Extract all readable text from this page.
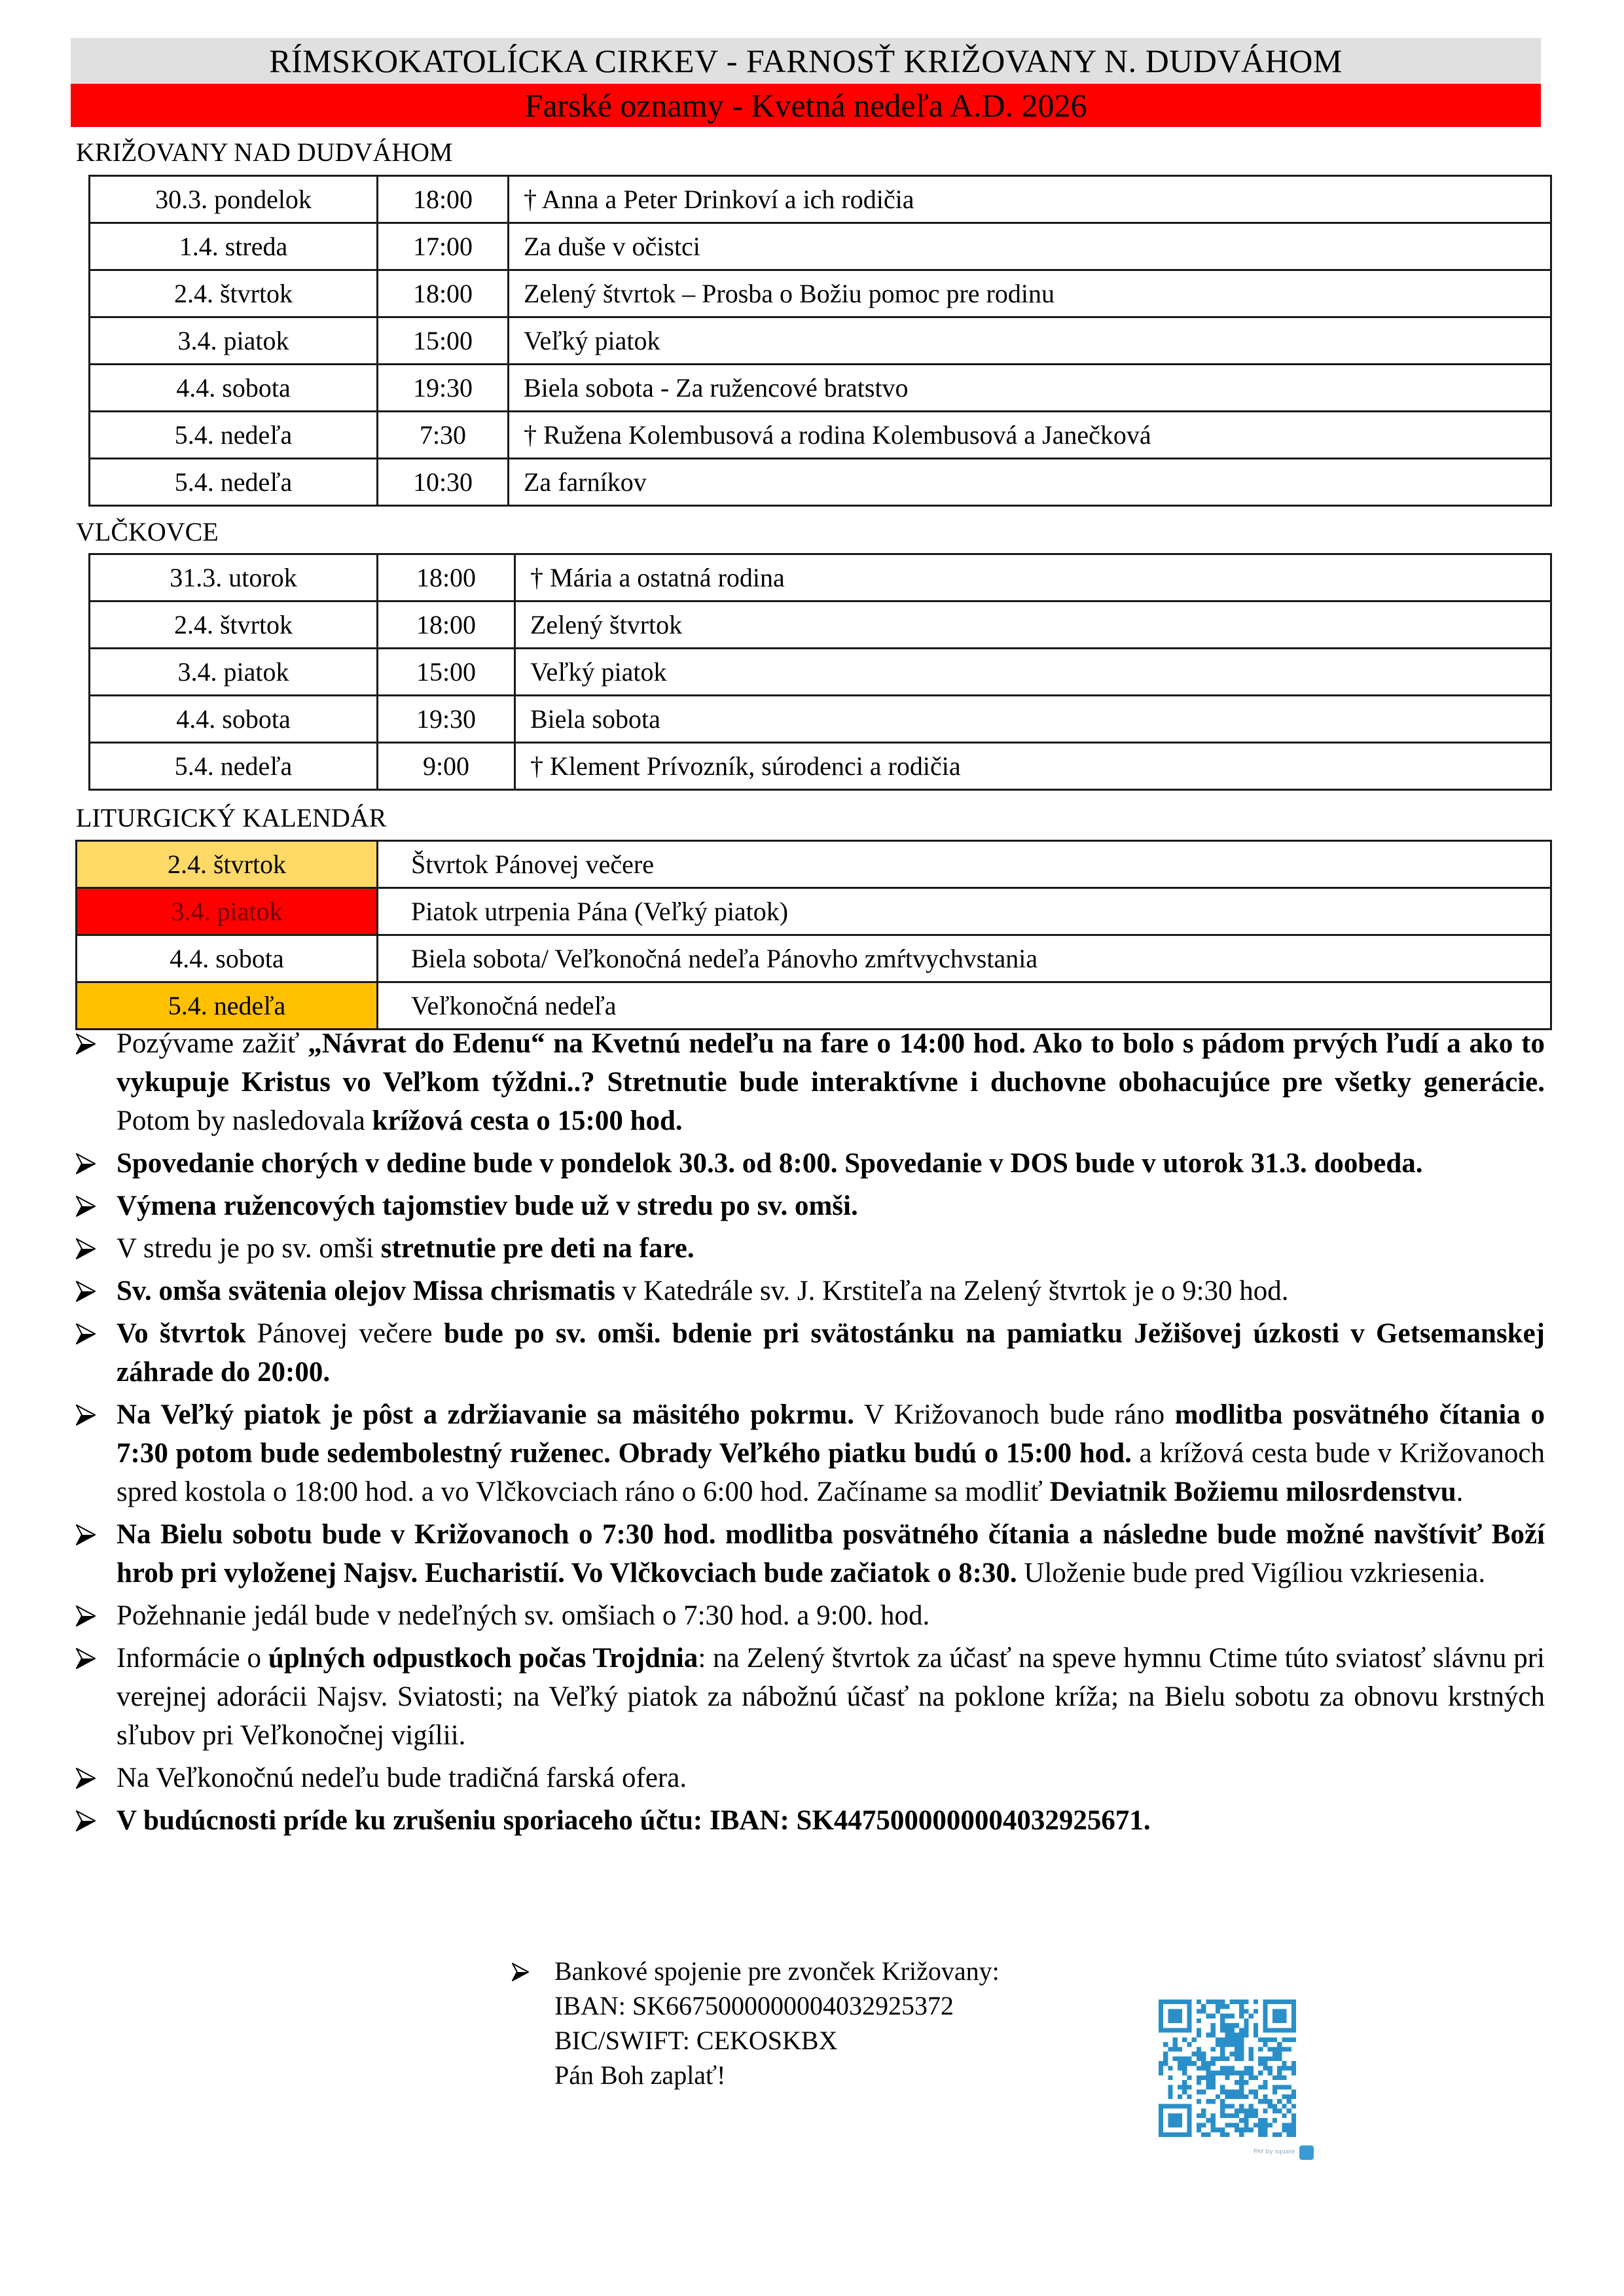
RÍMSKOKATOLÍCKA CIRKEV - FARNOSŤ KRIŽOVANY N. DUDVÁHOM
Farské oznamy - Kvetná nedeľa A.D. 2026
KRIŽOVANY NAD DUDVÁHOM
30.3. pondelok	18:00	† Anna a Peter Drinkoví a ich rodičia
1.4. streda	17:00	Za duše v očistci
2.4. štvrtok	18:00	Zelený štvrtok – Prosba o Božiu pomoc pre rodinu
3.4. piatok	15:00	Veľký piatok
4.4. sobota	19:30	Biela sobota - Za ružencové bratstvo
5.4. nedeľa	7:30	† Ružena Kolembusová a rodina Kolembusová a Janečková
5.4. nedeľa	10:30	Za farníkov
VLČKOVCE
31.3. utorok	18:00	† Mária a ostatná rodina
2.4. štvrtok	18:00	Zelený štvrtok
3.4. piatok	15:00	Veľký piatok
4.4. sobota	19:30	Biela sobota
5.4. nedeľa	9:00	† Klement Prívozník, súrodenci a rodičia
LITURGICKÝ KALENDÁR
2.4. štvrtok	Štvrtok Pánovej večere
3.4. piatok	Piatok utrpenia Pána (Veľký piatok)
4.4. sobota	Biela sobota/ Veľkonočná nedeľa Pánovho zmŕtvychvstania
5.4. nedeľa	Veľkonočná nedeľa
Pozývame zažiť „Návrat do Edenu“ na Kvetnú nedeľu na fare o 14:00 hod. Ako to bolo s pádom prvých ľudí a ako to vykupuje Kristus vo Veľkom týždni..? Stretnutie bude interaktívne i duchovne obohacujúce pre všetky generácie. Potom by nasledovala krížová cesta o 15:00 hod.
Spovedanie chorých v dedine bude v pondelok 30.3. od 8:00. Spovedanie v DOS bude v utorok 31.3. doobeda.
Výmena ružencových tajomstiev bude už v stredu po sv. omši.
V stredu je po sv. omši stretnutie pre deti na fare.
Sv. omša svätenia olejov Missa chrismatis v Katedrále sv. J. Krstiteľa na Zelený štvrtok je o 9:30 hod.
Vo štvrtok Pánovej večere bude po sv. omši. bdenie pri svätostánku na pamiatku Ježišovej úzkosti v Getsemanskej záhrade do 20:00.
Na Veľký piatok je pôst a zdržiavanie sa mäsitého pokrmu. V Križovanoch bude ráno modlitba posvätného čítania o 7:30 potom bude sedembolestný ruženec. Obrady Veľkého piatku budú o 15:00 hod. a krížová cesta bude v Križovanoch spred kostola o 18:00 hod. a vo Vlčkovciach ráno o 6:00 hod. Začíname sa modliť Deviatnik Božiemu milosrdenstvu.
Na Bielu sobotu bude v Križovanoch o 7:30 hod. modlitba posvätného čítania a následne bude možné navštíviť Boží hrob pri vyloženej Najsv. Eucharistií. Vo Vlčkovciach bude začiatok o 8:30. Uloženie bude pred Vigíliou vzkriesenia.
Požehnanie jedál bude v nedeľných sv. omšiach o 7:30 hod. a 9:00. hod.
Informácie o úplných odpustkoch počas Trojdnia: na Zelený štvrtok za účasť na speve hymnu Ctime túto sviatosť slávnu pri verejnej adorácii Najsv. Sviatosti; na Veľký piatok za nábožnú účasť na poklone kríža; na Bielu sobotu za obnovu krstných sľubov pri Veľkonočnej vigílii.
Na Veľkonočnú nedeľu bude tradičná farská ofera.
V budúcnosti príde ku zrušeniu sporiaceho účtu: IBAN: SK4475000000004032925671.
Bankové spojenie pre zvonček Križovany:
IBAN: SK6675000000004032925372
BIC/SWIFT: CEKOSKBX
Pán Boh zaplať!
PAY by square
